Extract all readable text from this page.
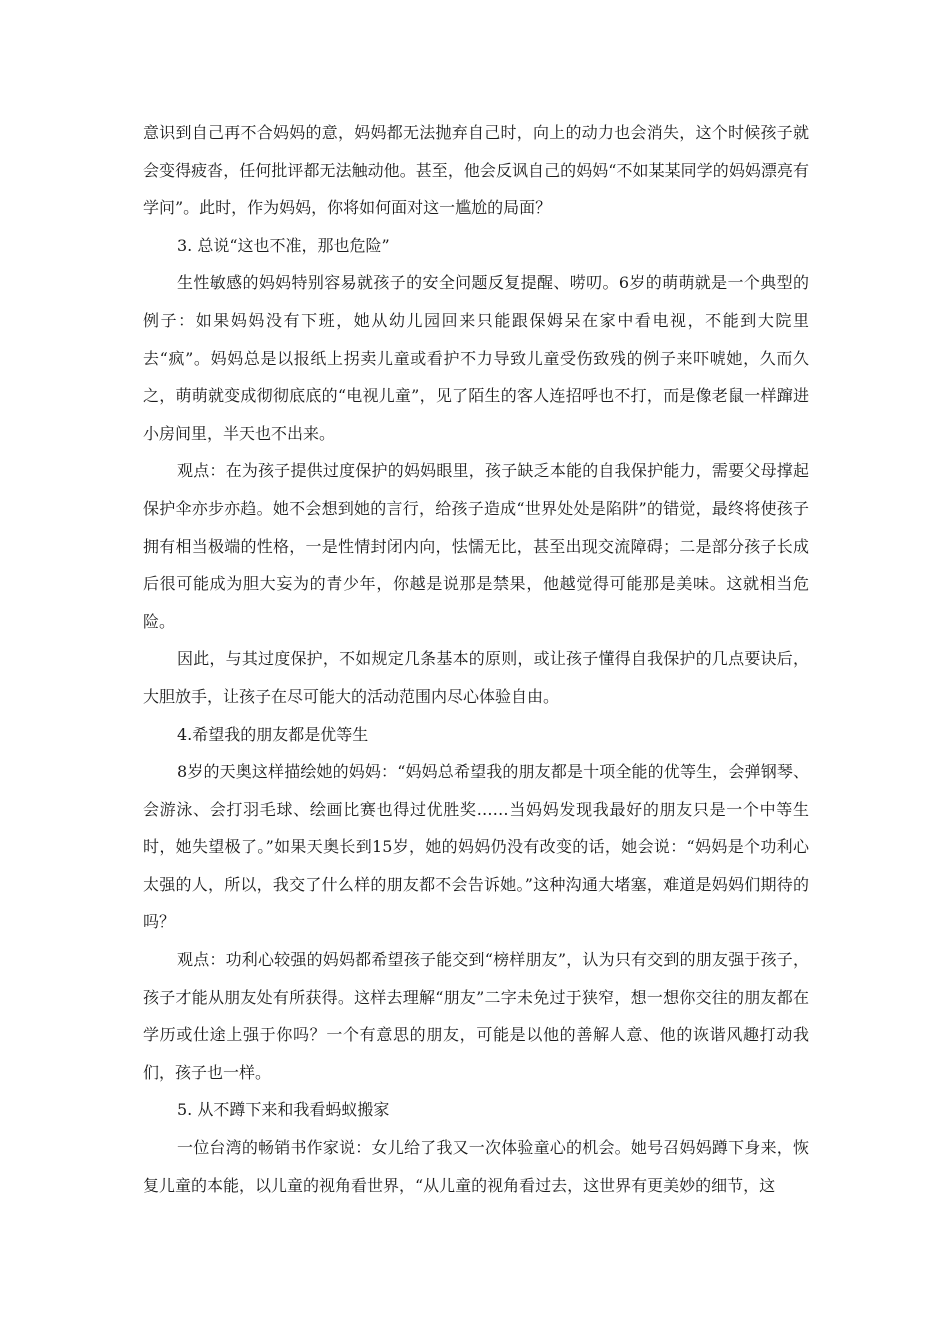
意识到自己再不合妈妈的意，妈妈都无法抛弃自己时，向上的动力也会消失，这个时候孩子就会变得疲沓，任何批评都无法触动他。甚至，他会反讽自己的妈妈“不如某某同学的妈妈漂亮有学问”。此时，作为妈妈，你将如何面对这一尴尬的局面？

3. 总说“这也不准，那也危险”

生性敏感的妈妈特别容易就孩子的安全问题反复提醒、唠叨。6岁的萌萌就是一个典型的例子：如果妈妈没有下班，她从幼儿园回来只能跟保姆呆在家中看电视，不能到大院里去“疯”。妈妈总是以报纸上拐卖儿童或看护不力导致儿童受伤致残的例子来吓唬她，久而久之，萌萌就变成彻彻底底的“电视儿童”，见了陌生的客人连招呼也不打，而是像老鼠一样蹿进小房间里，半天也不出来。

观点：在为孩子提供过度保护的妈妈眼里，孩子缺乏本能的自我保护能力，需要父母撑起保护伞亦步亦趋。她不会想到她的言行，给孩子造成“世界处处是陷阱”的错觉，最终将使孩子拥有相当极端的性格，一是性情封闭内向，怯懦无比，甚至出现交流障碍；二是部分孩子长成后很可能成为胆大妄为的青少年，你越是说那是禁果，他越觉得可能那是美味。这就相当危险。

因此，与其过度保护，不如规定几条基本的原则，或让孩子懂得自我保护的几点要诀后，大胆放手，让孩子在尽可能大的活动范围内尽心体验自由。

4.希望我的朋友都是优等生

8岁的天奥这样描绘她的妈妈：“妈妈总希望我的朋友都是十项全能的优等生，会弹钢琴、会游泳、会打羽毛球、绘画比赛也得过优胜奖……当妈妈发现我最好的朋友只是一个中等生时，她失望极了。”如果天奥长到15岁，她的妈妈仍没有改变的话，她会说：“妈妈是个功利心太强的人，所以，我交了什么样的朋友都不会告诉她。”这种沟通大堵塞，难道是妈妈们期待的吗？

观点：功利心较强的妈妈都希望孩子能交到“榜样朋友”，认为只有交到的朋友强于孩子，孩子才能从朋友处有所获得。这样去理解“朋友”二字未免过于狭窄，想一想你交往的朋友都在学历或仕途上强于你吗？一个有意思的朋友，可能是以他的善解人意、他的诙谐风趣打动我们，孩子也一样。

5. 从不蹲下来和我看蚂蚁搬家

一位台湾的畅销书作家说：女儿给了我又一次体验童心的机会。她号召妈妈蹲下身来，恢复儿童的本能，以儿童的视角看世界，“从儿童的视角看过去，这世界有更美妙的细节，这
